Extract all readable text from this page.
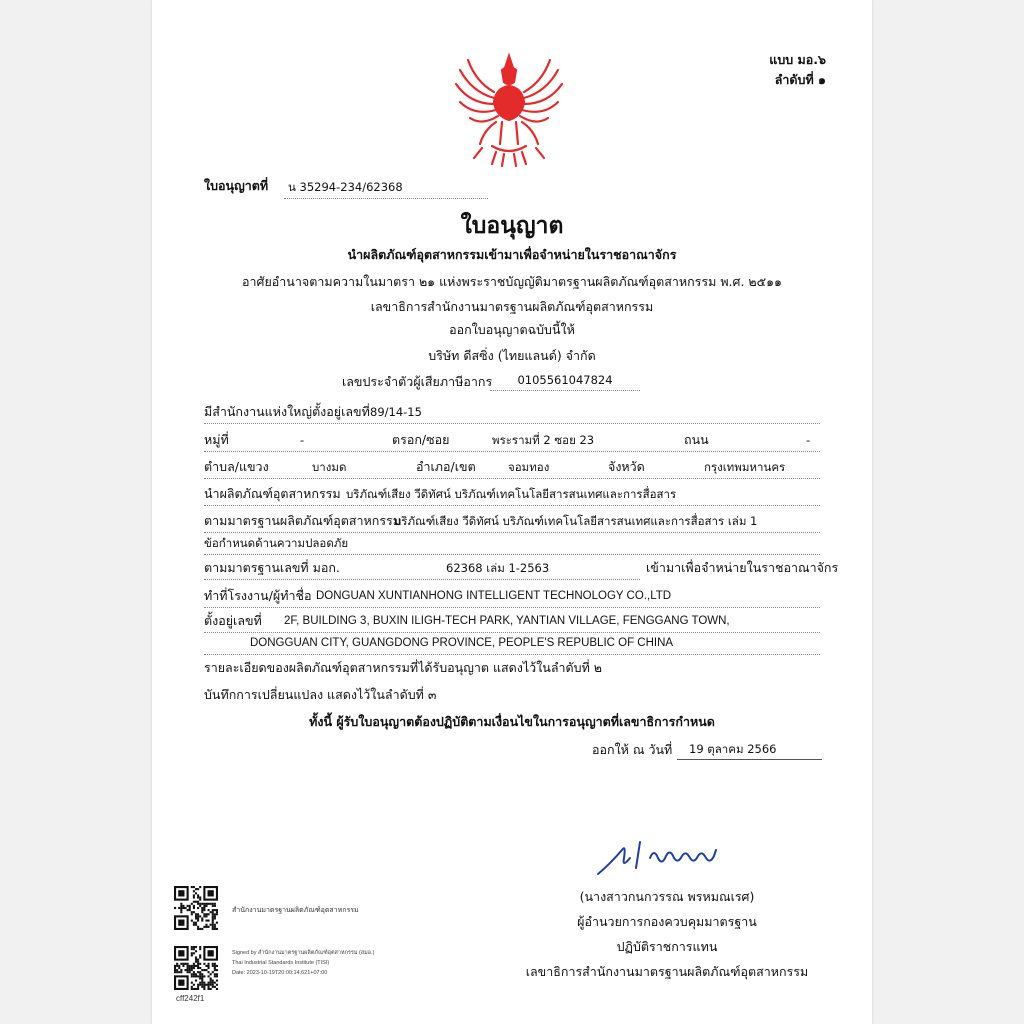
แบบ มอ.๖
ลำดับที่ ๑
ใบอนุญาตที่	น 35294-234/62368
ใบอนุญาต
นำผลิตภัณฑ์อุตสาหกรรมเข้ามาเพื่อจำหน่ายในราชอาณาจักร
อาศัยอำนาจตามความในมาตรา ๒๑ แห่งพระราชบัญญัติมาตรฐานผลิตภัณฑ์อุตสาหกรรม พ.ศ. ๒๕๑๑
เลขาธิการสำนักงานมาตรฐานผลิตภัณฑ์อุตสาหกรรม
ออกใบอนุญาตฉบับนี้ให้
บริษัท ดีสซิ่ง (ไทยแลนด์) จำกัด
เลขประจำตัวผู้เสียภาษีอากร	0105561047824
มีสำนักงานแห่งใหญ่ตั้งอยู่เลขที่ 89/14-15
หมู่ที่	-	ตรอก/ซอย	พระรามที่ 2 ซอย 23	ถนน	-
ตำบล/แขวง	บางมด	อำเภอ/เขต	จอมทอง	จังหวัด	กรุงเทพมหานคร
นำผลิตภัณฑ์อุตสาหกรรม บริภัณฑ์เสียง วีดิทัศน์ บริภัณฑ์เทคโนโลยีสารสนเทศและการสื่อสาร
ตามมาตรฐานผลิตภัณฑ์อุตสาหกรรม
บริภัณฑ์เสียง วีดิทัศน์ บริภัณฑ์เทคโนโลยีสารสนเทศและการสื่อสาร เล่ม 1
ข้อกำหนดด้านความปลอดภัย
ตามมาตรฐานเลขที่ มอก.	62368 เล่ม 1-2563	เข้ามาเพื่อจำหน่ายในราชอาณาจักร
ทำที่โรงงาน/ผู้ทำชื่อ DONGUAN XUNTIANHONG INTELLIGENT TECHNOLOGY CO.,LTD
ตั้งอยู่เลขที่ 2F, BUILDING 3, BUXIN ILIGH-TECH PARK, YANTIAN VILLAGE, FENGGANG TOWN,
DONGGUAN CITY, GUANGDONG PROVINCE, PEOPLE'S REPUBLIC OF CHINA
รายละเอียดของผลิตภัณฑ์อุตสาหกรรมที่ได้รับอนุญาต แสดงไว้ในลำดับที่ ๒
บันทึกการเปลี่ยนแปลง แสดงไว้ในลำดับที่ ๓
ทั้งนี้ ผู้รับใบอนุญาตต้องปฏิบัติตามเงื่อนไขในการอนุญาตที่เลขาธิการกำหนด
ออกให้ ณ วันที่	19 ตุลาคม 2566
(นางสาวกนกวรรณ พรหมณเรศ)
ผู้อำนวยการกองควบคุมมาตรฐาน
ปฏิบัติราชการแทน
เลขาธิการสำนักงานมาตรฐานผลิตภัณฑ์อุตสาหกรรม
สำนักงานมาตรฐานผลิตภัณฑ์อุตสาหกรรม
Signed by สำนักงานมาตรฐานผลิตภัณฑ์อุตสาหกรรม (สมอ.)
Thai Industrial Standards Institute (TISI)
Date: 2023-10-19T20:00:14.621+07:00
cff242f1
